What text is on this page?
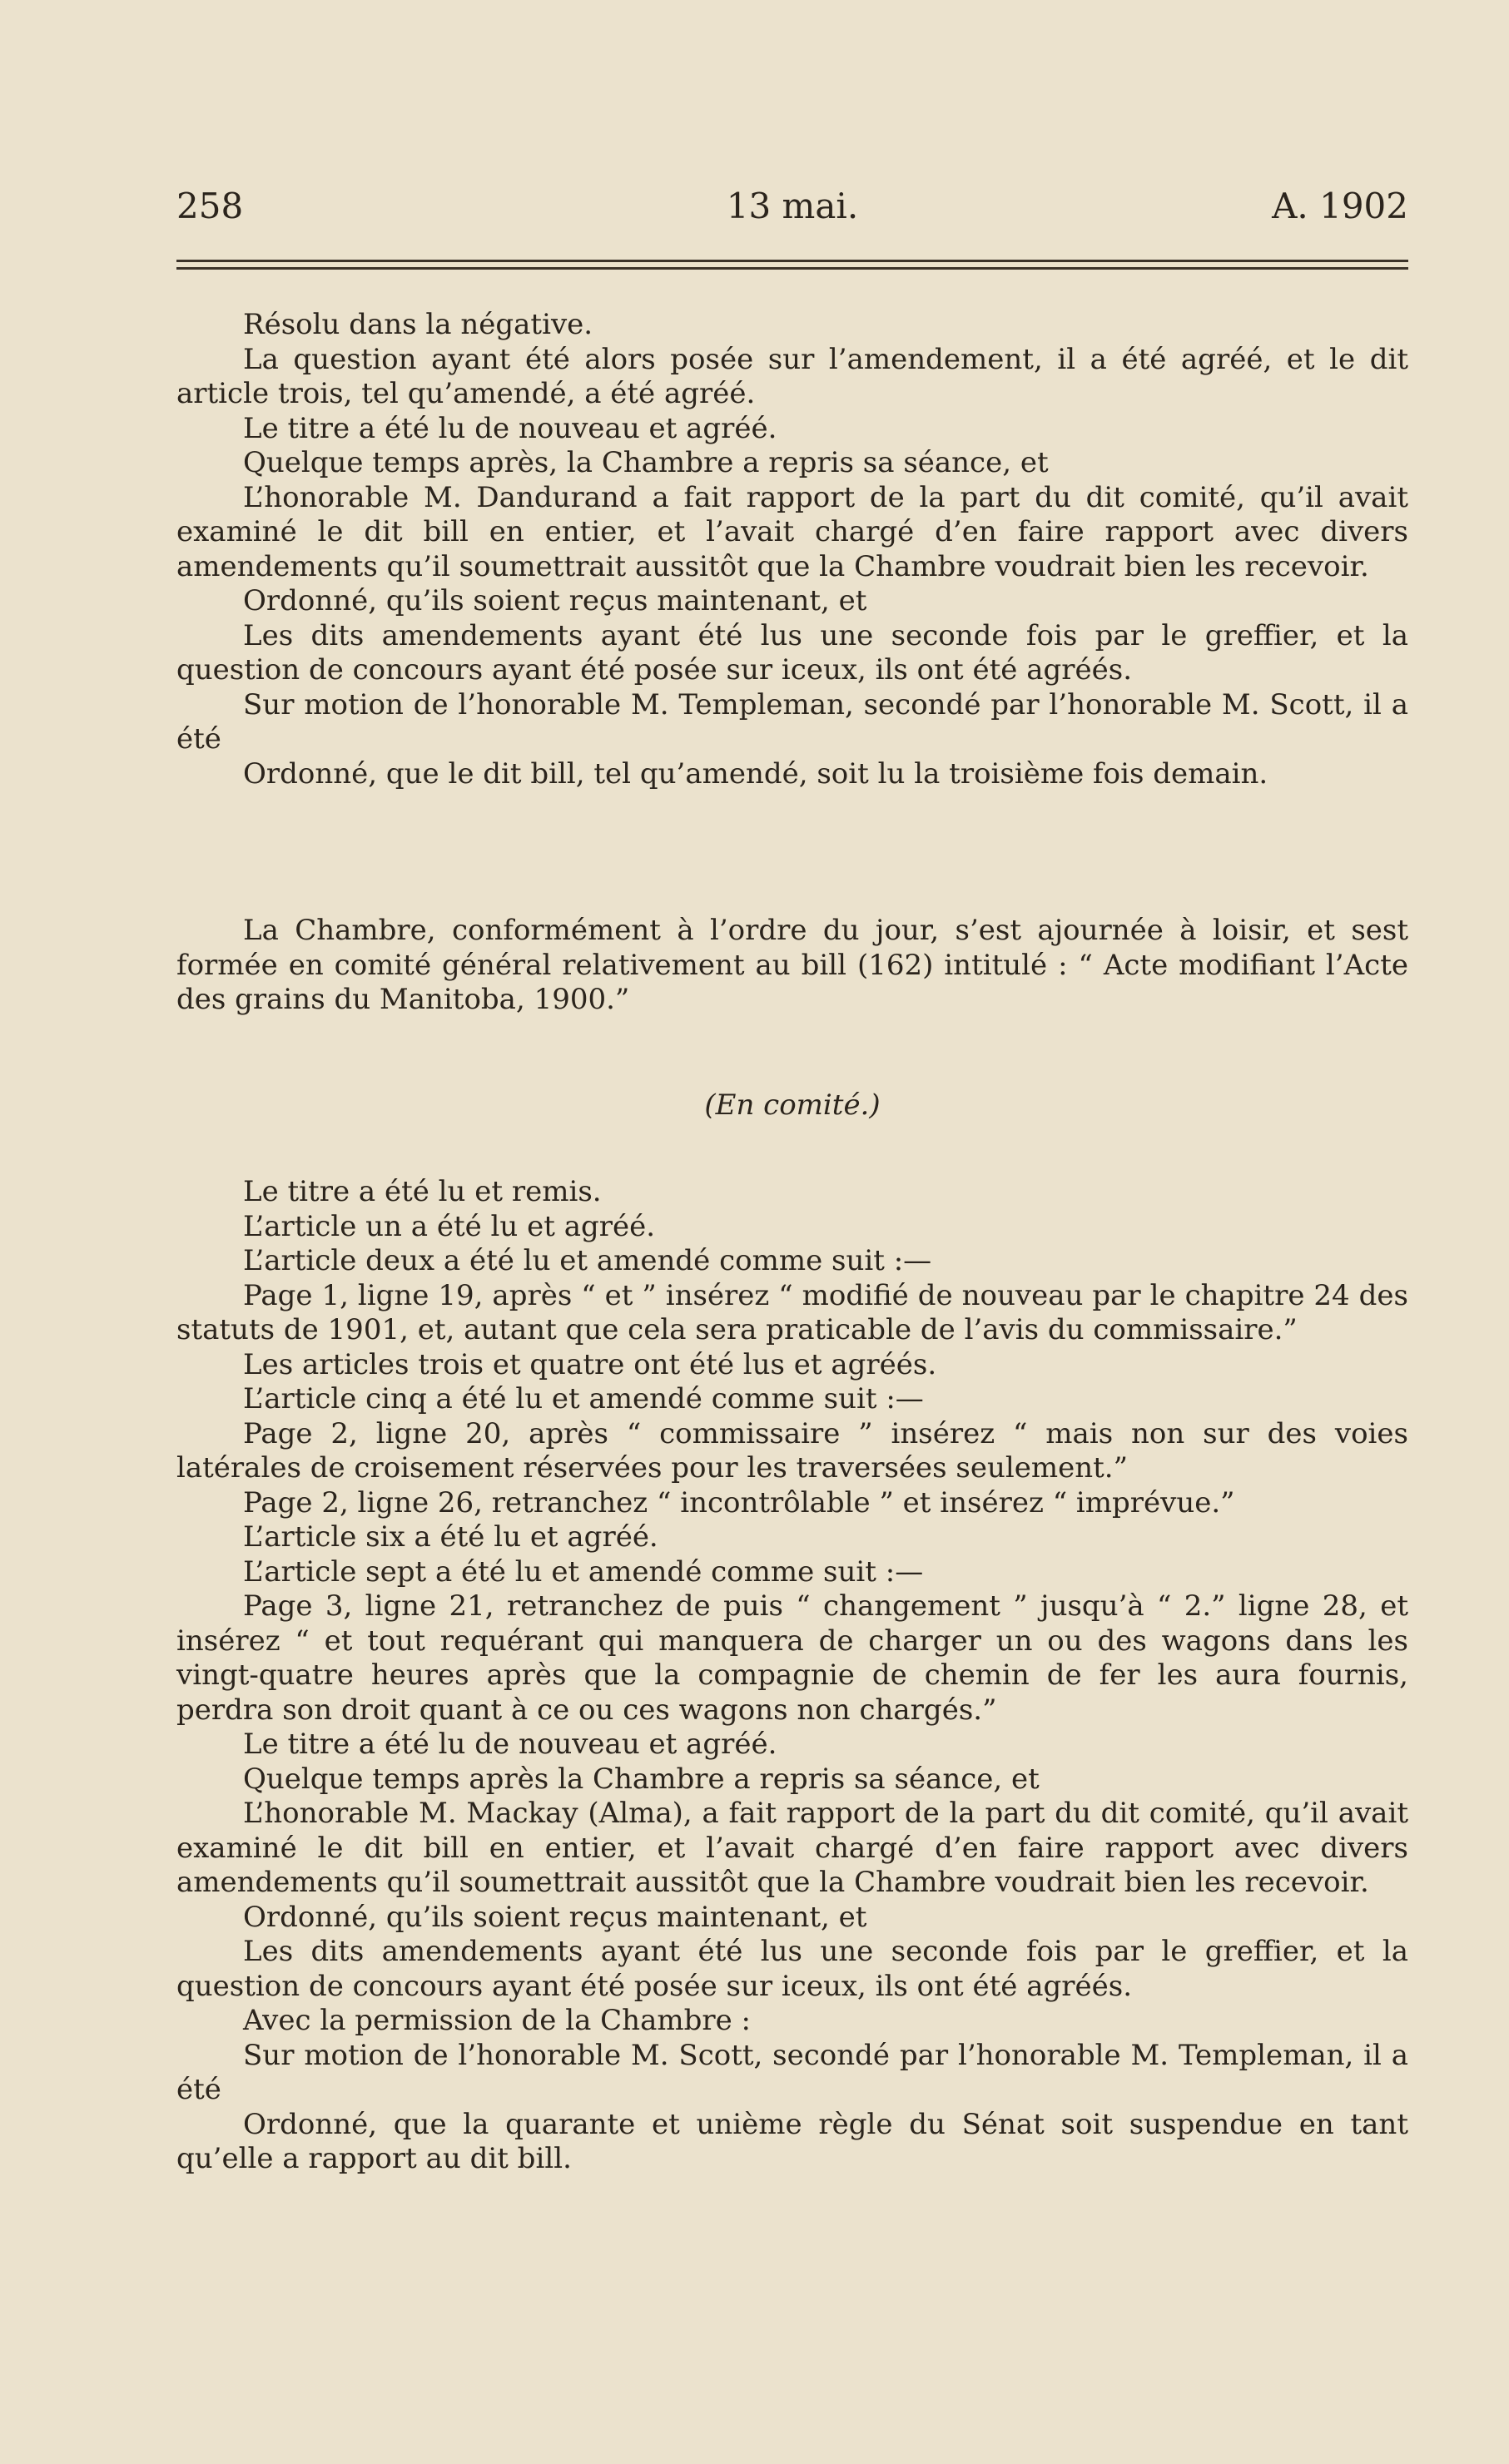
258	13 mai.	A. 1902

Résolu dans la négative.

La question ayant été alors posée sur l’amendement, il a été agréé, et le dit article trois, tel qu’amendé, a été agréé.

Le titre a été lu de nouveau et agréé.

Quelque temps après, la Chambre a repris sa séance, et

L’honorable M. Dandurand a fait rapport de la part du dit comité, qu’il avait examiné le dit bill en entier, et l’avait chargé d’en faire rapport avec divers amendements qu’il soumettrait aussitôt que la Chambre voudrait bien les recevoir.

Ordonné, qu’ils soient reçus maintenant, et

Les dits amendements ayant été lus une seconde fois par le greffier, et la question de concours ayant été posée sur iceux, ils ont été agréés.

Sur motion de l’honorable M. Templeman, secondé par l’honorable M. Scott, il a été

Ordonné, que le dit bill, tel qu’amendé, soit lu la troisième fois demain.

La Chambre, conformément à l’ordre du jour, s’est ajournée à loisir, et sest formée en comité général relativement au bill (162) intitulé : “ Acte modifiant l’Acte des grains du Manitoba, 1900.”

(En comité.)

Le titre a été lu et remis.

L’article un a été lu et agréé.

L’article deux a été lu et amendé comme suit :—

Page 1, ligne 19, après “ et ” insérez “ modifié de nouveau par le chapitre 24 des statuts de 1901, et, autant que cela sera praticable de l’avis du commissaire.”

Les articles trois et quatre ont été lus et agréés.

L’article cinq a été lu et amendé comme suit :—

Page 2, ligne 20, après “ commissaire ” insérez “ mais non sur des voies latérales de croisement réservées pour les traversées seulement.”

Page 2, ligne 26, retranchez “ incontrôlable ” et insérez “ imprévue.”

L’article six a été lu et agréé.

L’article sept a été lu et amendé comme suit :—

Page 3, ligne 21, retranchez de puis “ changement ” jusqu’à “ 2.” ligne 28, et insérez “ et tout requérant qui manquera de charger un ou des wagons dans les vingt-quatre heures après que la compagnie de chemin de fer les aura fournis, perdra son droit quant à ce ou ces wagons non chargés.”

Le titre a été lu de nouveau et agréé.

Quelque temps après la Chambre a repris sa séance, et

L’honorable M. Mackay (Alma), a fait rapport de la part du dit comité, qu’il avait examiné le dit bill en entier, et l’avait chargé d’en faire rapport avec divers amendements qu’il soumettrait aussitôt que la Chambre voudrait bien les recevoir.

Ordonné, qu’ils soient reçus maintenant, et

Les dits amendements ayant été lus une seconde fois par le greffier, et la question de concours ayant été posée sur iceux, ils ont été agréés.

Avec la permission de la Chambre :

Sur motion de l’honorable M. Scott, secondé par l’honorable M. Templeman, il a été

Ordonné, que la quarante et unième règle du Sénat soit suspendue en tant qu’elle a rapport au dit bill.
